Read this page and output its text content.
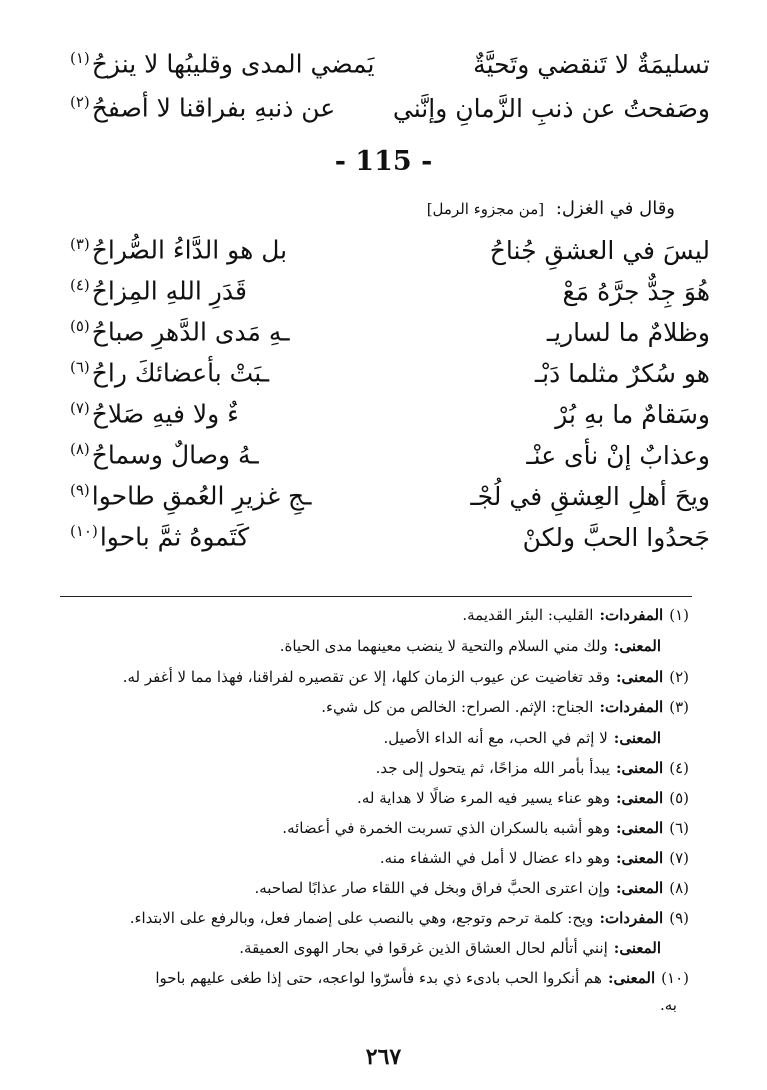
تسليمَةٌ لا تَنقضي وتَحيَّةٌ
يَمضي المدى وقليبُها لا ينزحُ$^{(١)}$
وصَفحتُ عن ذنبِ الزَّمانِ وإنَّني
عن ذنبهِ بفراقنا لا أصفحُ$^{(٢)}$
- 115 -
وقال في الغزل: [من مجزوء الرمل]
ليسَ في العشقِ جُناحُ
بل هو الدَّاءُ الصُّراحُ$^{(٣)}$
هُوَ جِدٌّ جرَّهُ مَعْ
قَدَرِ اللهِ المِزاحُ$^{(٤)}$
وظلامٌ ما لساريـ
ـهِ مَدى الدَّهرِ صباحُ$^{(٥)}$
هو سُكرٌ مثلما دَبْـ
ـبَتْ بأعضائكَ راحُ$^{(٦)}$
وسَقامٌ ما بهِ بُرْ
ءٌ ولا فيهِ صَلاحُ$^{(٧)}$
وعذابٌ إنْ نأى عنْـ
ـهُ وصالٌ وسماحُ$^{(٨)}$
ويحَ أهلِ العِشقِ في لُجْـ
ـجِ غزيرِ العُمقِ طاحوا$^{(٩)}$
جَحدُوا الحبَّ ولكنْ
كَتَموهُ ثمَّ باحوا$^{(١٠)}$
(١)المفردات:القليب: البئر القديمة.
المعنى:ولك مني السلام والتحية لا ينضب معينهما مدى الحياة.
(٢)المعنى:وقد تغاضيت عن عيوب الزمان كلها، إلا عن تقصيره لفراقنا، فهذا مما لا أغفر له.
(٣)المفردات:الجناح: الإثم. الصراح: الخالص من كل شيء.
المعنى:لا إثم في الحب، مع أنه الداء الأصيل.
(٤)المعنى:يبدأ بأمر الله مزاحًا، ثم يتحول إلى جد.
(٥)المعنى:وهو عناء يسير فيه المرء ضالًا لا هداية له.
(٦)المعنى:وهو أشبه بالسكران الذي تسربت الخمرة في أعضائه.
(٧)المعنى:وهو داء عضال لا أمل في الشفاء منه.
(٨)المعنى:وإن اعترى الحبَّ فراق وبخل في اللقاء صار عذابًا لصاحبه.
(٩)المفردات:ويح: كلمة ترحم وتوجع، وهي بالنصب على إضمار فعل، وبالرفع على الابتداء.
المعنى:إنني أتألم لحال العشاق الذين غرقوا في بحار الهوى العميقة.
(١٠)المعنى:هم أنكروا الحب بادىء ذي بدء فأسرّوا لواعجه، حتى إذا طغى عليهم باحوا
به.
٢٦٧
